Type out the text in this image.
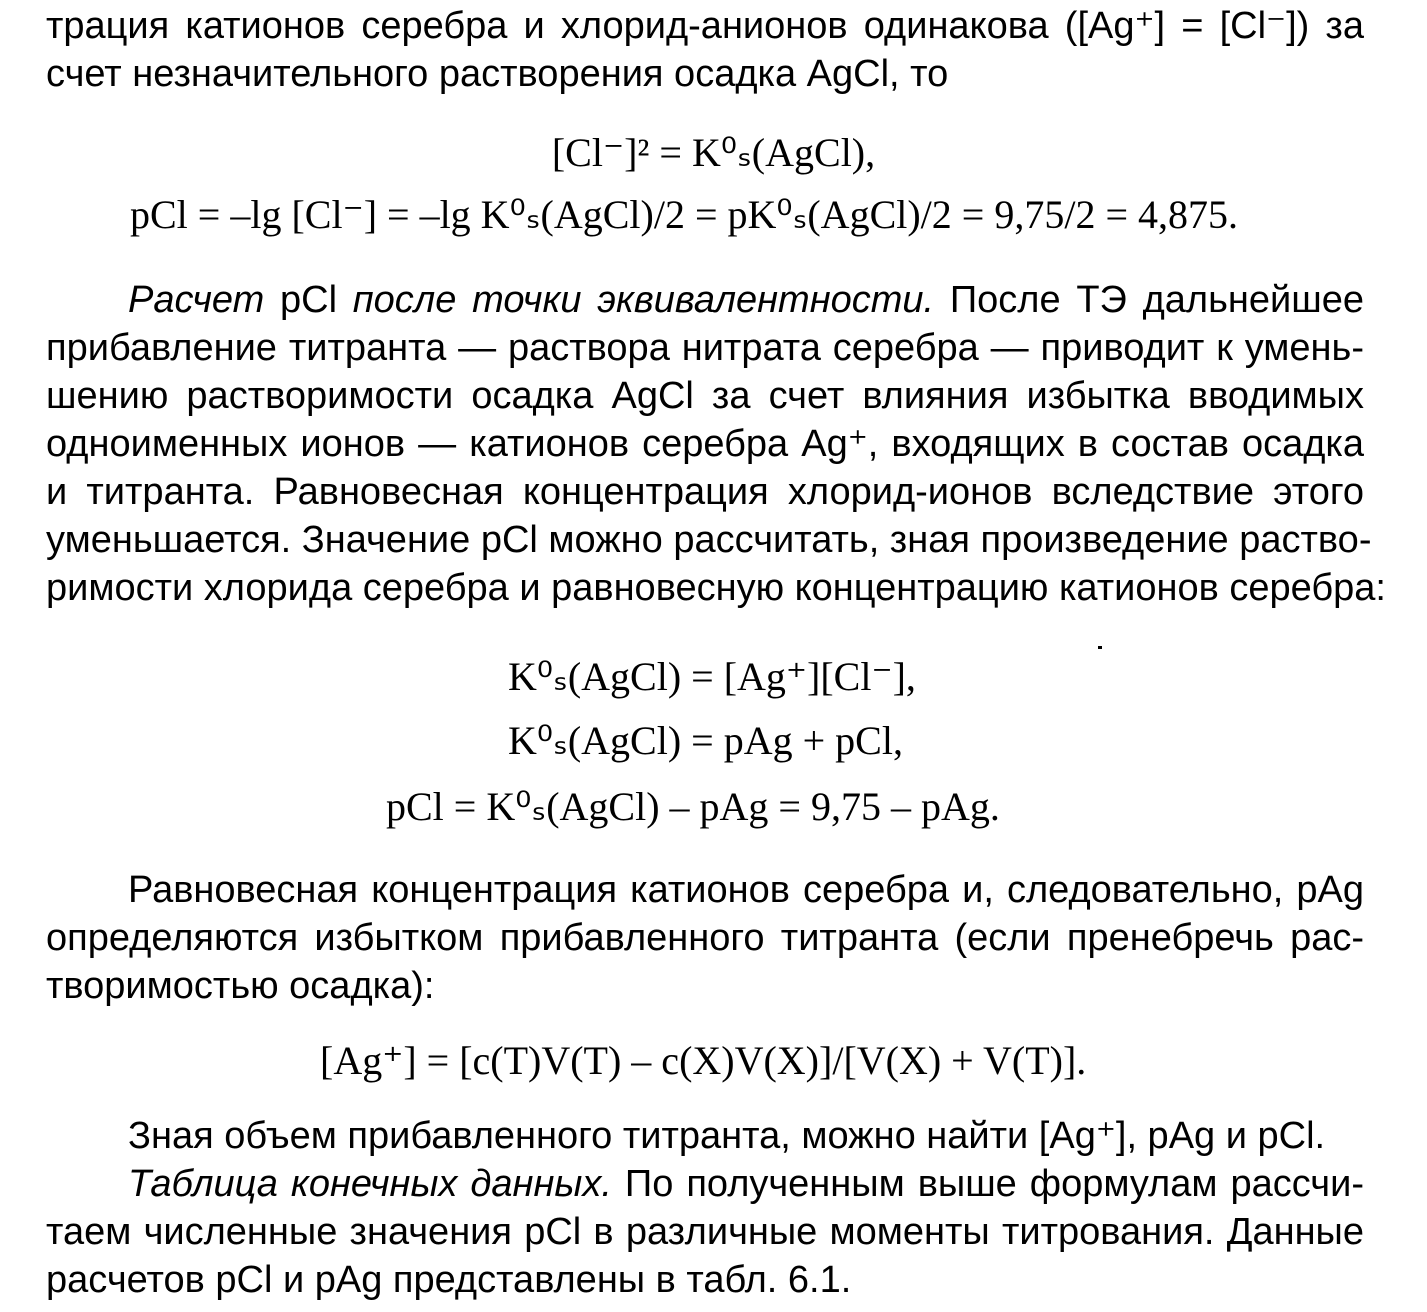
трация катионов серебра и хлорид-анионов одинакова ([Ag⁺] = [Cl⁻]) за
счет незначительного растворения осадка AgCl, то
[Cl⁻]² = K⁰ₛ(AgCl),
pCl = –lg [Cl⁻] = –lg K⁰ₛ(AgCl)/2 = pK⁰ₛ(AgCl)/2 = 9,75/2 = 4,875.
Расчет pCl после точки эквивалентности. После ТЭ дальнейшее
прибавление титранта — раствора нитрата серебра — приводит к умень-
шению растворимости осадка AgCl за счет влияния избытка вводимых
одноименных ионов — катионов серебра Ag⁺, входящих в состав осадка
и титранта. Равновесная концентрация хлорид-ионов вследствие этого
уменьшается. Значение pCl можно рассчитать, зная произведение раство-
римости хлорида серебра и равновесную концентрацию катионов серебра:
K⁰ₛ(AgCl) = [Ag⁺][Cl⁻],
K⁰ₛ(AgCl) = pAg + pCl,
pCl = K⁰ₛ(AgCl) – pAg = 9,75 – pAg.
Равновесная концентрация катионов серебра и, следовательно, pAg
определяются избытком прибавленного титранта (если пренебречь рас-
творимостью осадка):
[Ag⁺] = [c(T)V(T) – c(X)V(X)]/[V(X) + V(T)].
Зная объем прибавленного титранта, можно найти [Ag⁺], pAg и pCl.
Таблица конечных данных. По полученным выше формулам рассчи-
таем численные значения pCl в различные моменты титрования. Данные
расчетов pCl и pAg представлены в табл. 6.1.
